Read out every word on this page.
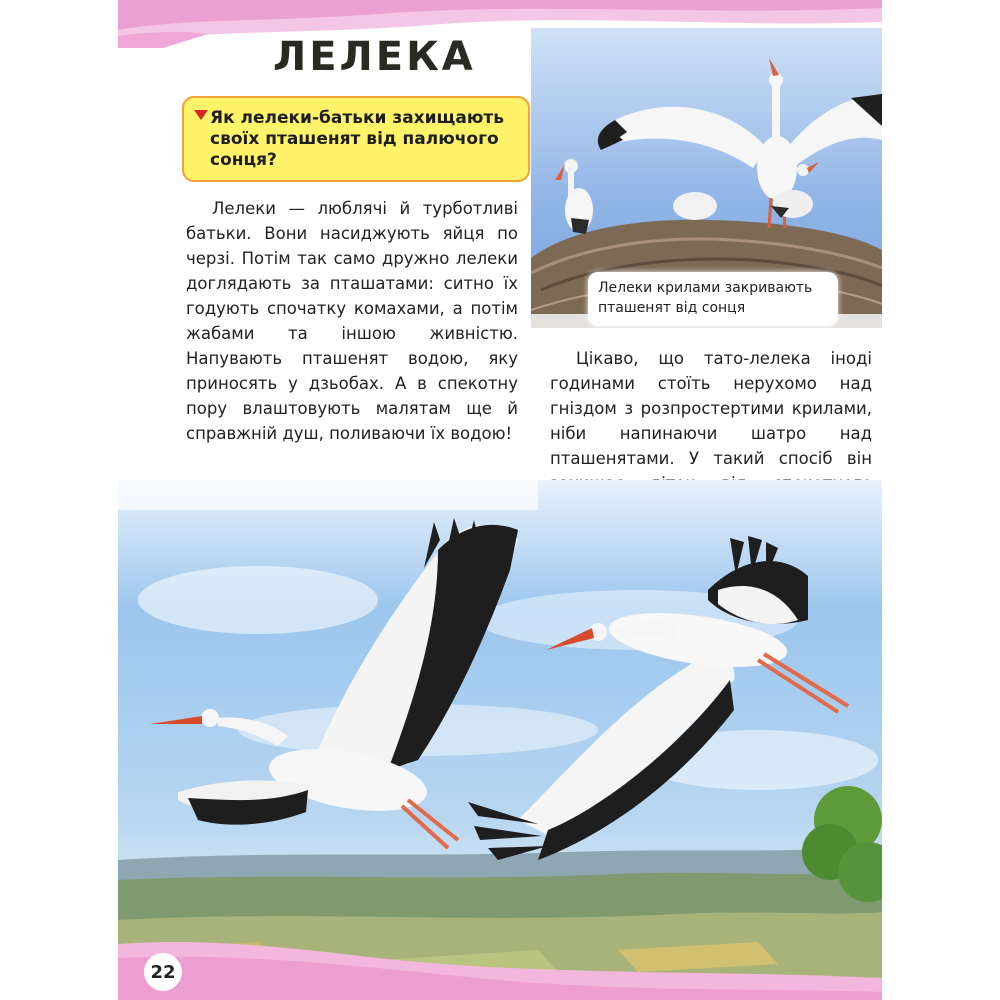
ЛЕЛЕКА

Як лелеки-батьки захищають своїх пташенят від палючого сонця?

Лелеки — люблячі й турботливі батьки. Вони насиджують яйця по черзі. Потім так само дружно лелеки доглядають за пташатами: ситно їх годують спочатку комахами, а потім жабами та іншою живністю. Напувають пташенят водою, яку приносять у дзьобах. А в спекотну пору влаштовують малятам ще й справжній душ, поливаючи їх водою!

Лелеки крилами закривають пташенят від сонця

Цікаво, що тато-лелека іноді годинами стоїть нерухомо над гніздом з розпростертими крилами, ніби напинаючи шатро над пташенятами. У такий спосіб він

22
